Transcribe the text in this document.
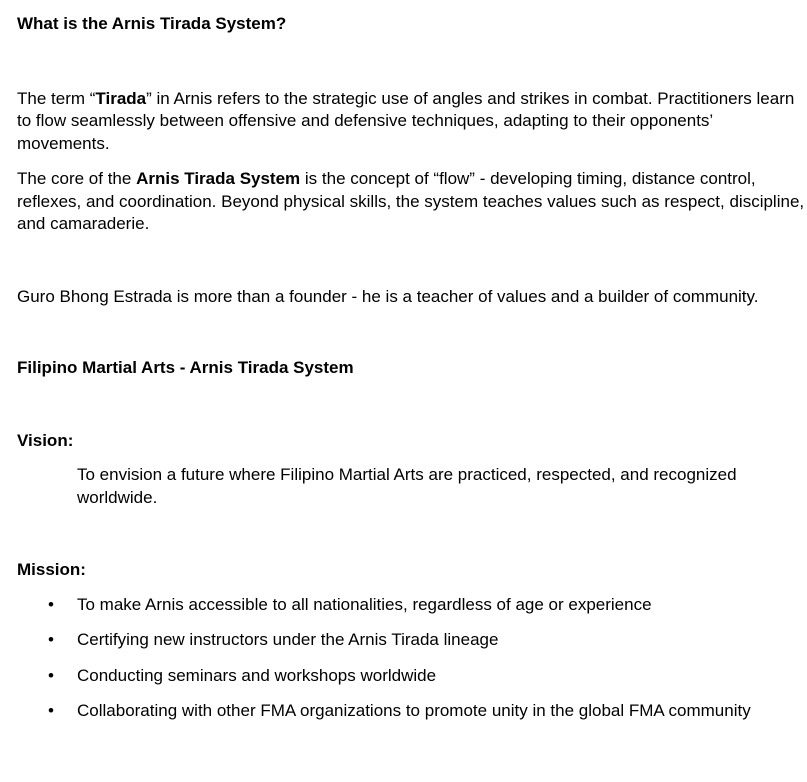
What is the Arnis Tirada System?

The term “Tirada” in Arnis refers to the strategic use of angles and strikes in combat. Practitioners learn to flow seamlessly between offensive and defensive techniques, adapting to their opponents’ movements.

The core of the Arnis Tirada System is the concept of “flow” - developing timing, distance control, reflexes, and coordination. Beyond physical skills, the system teaches values such as respect, discipline, and camaraderie.

Guro Bhong Estrada is more than a founder - he is a teacher of values and a builder of community.

Filipino Martial Arts - Arnis Tirada System
Vision:

To envision a future where Filipino Martial Arts are practiced, respected, and recognized worldwide.

Mission:
• To make Arnis accessible to all nationalities, regardless of age or experience
• Certifying new instructors under the Arnis Tirada lineage
• Conducting seminars and workshops worldwide
• Collaborating with other FMA organizations to promote unity in the global FMA community
